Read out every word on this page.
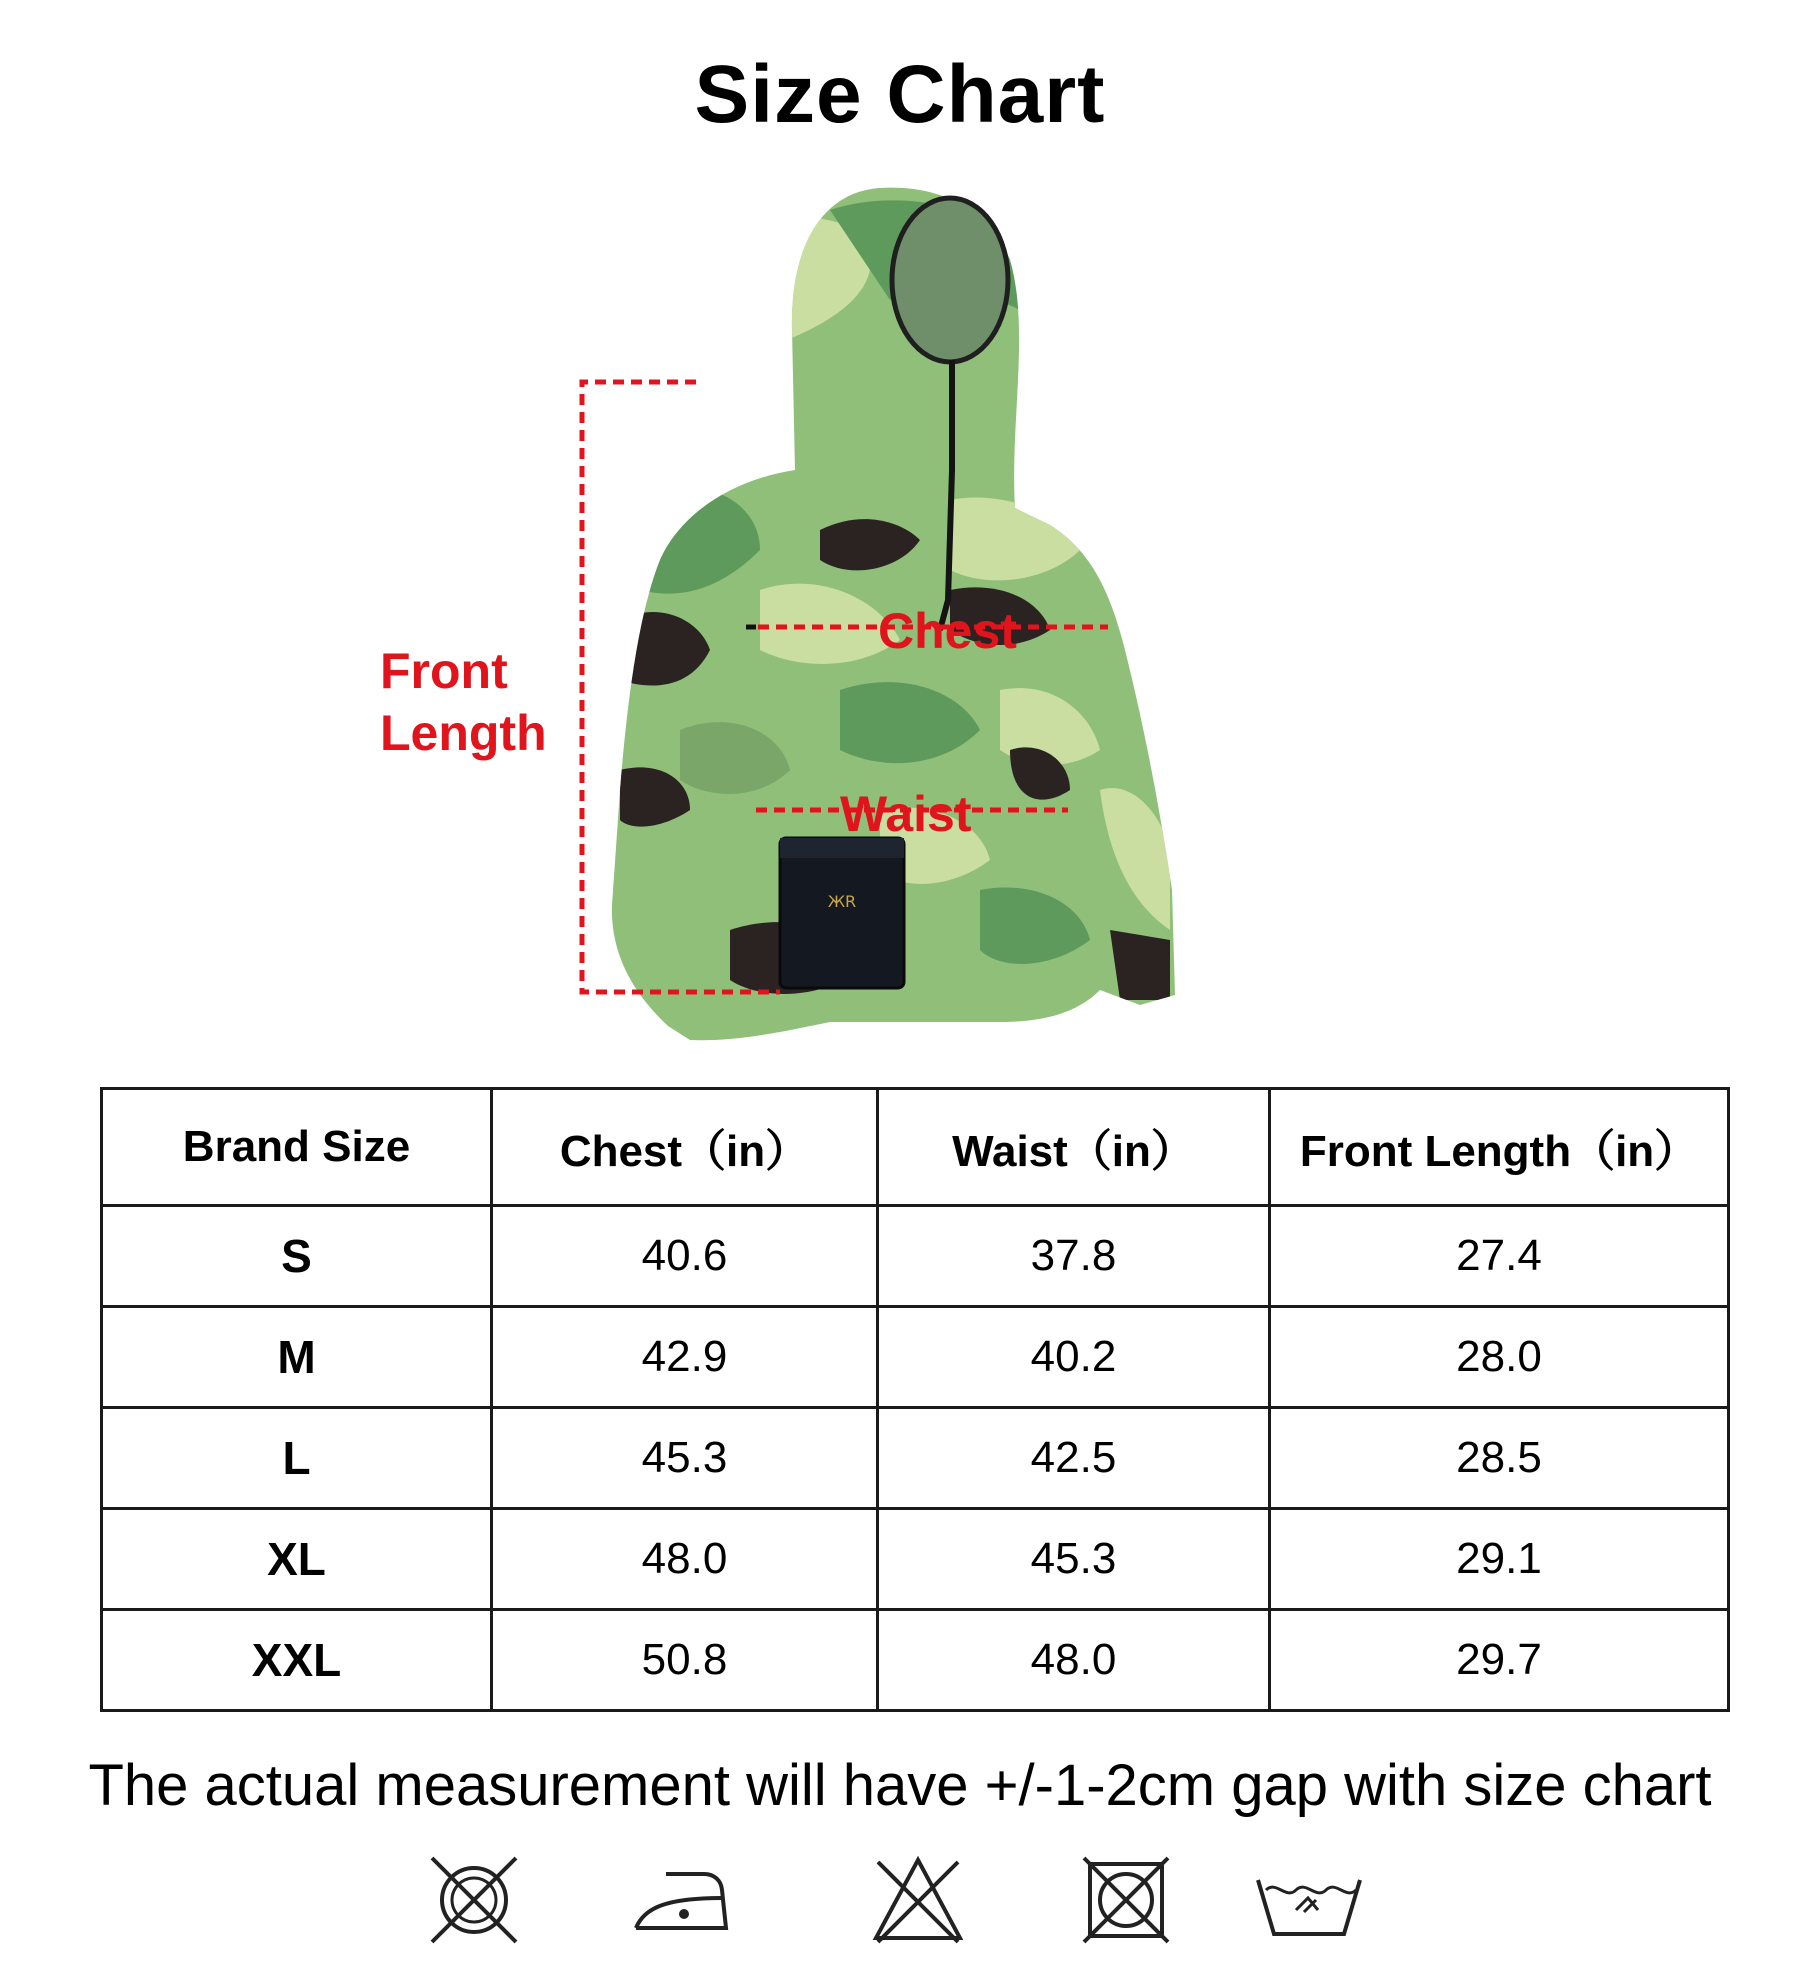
Size Chart
ЖR
Front
Length
Chest
Waist
Brand Size	Chest（in）	Waist（in）	Front Length（in）
S	40.6	37.8	27.4
M	42.9	40.2	28.0
L	45.3	42.5	28.5
XL	48.0	45.3	29.1
XXL	50.8	48.0	29.7
The actual measurement will have +/-1-2cm gap with size chart
